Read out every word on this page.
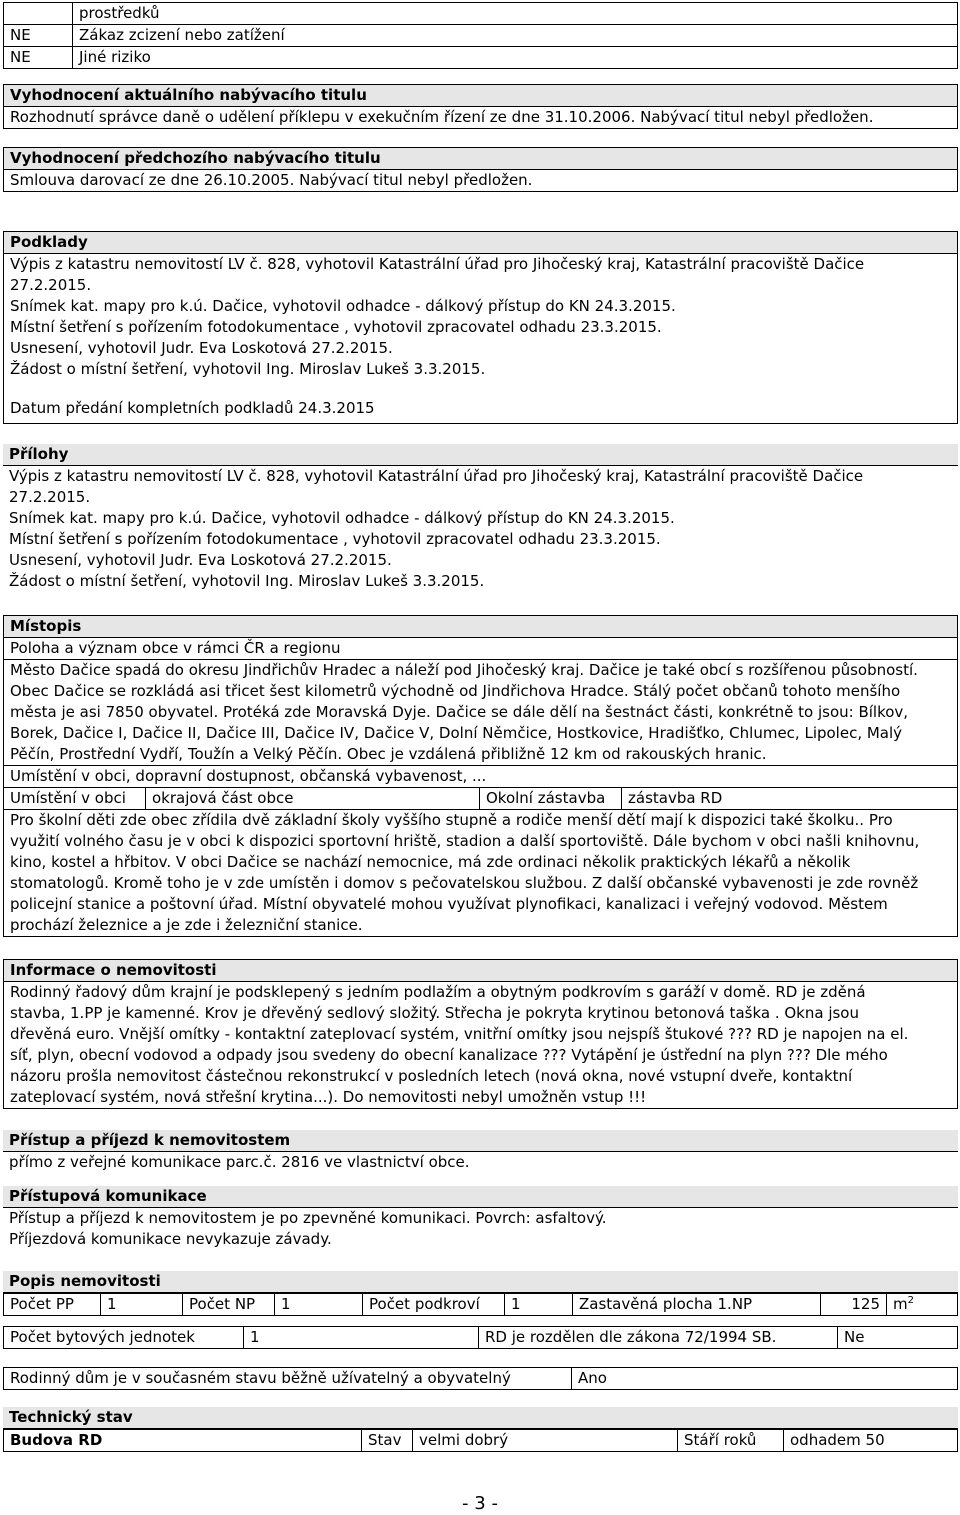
	prostředků
NE	Zákaz zcizení nebo zatížení
NE	Jiné riziko
Vyhodnocení aktuálního nabývacího titulu
Rozhodnutí správce daně o udělení příklepu v exekučním řízení ze dne 31.10.2006. Nabývací titul nebyl předložen.
Vyhodnocení předchozího nabývacího titulu
Smlouva darovací ze dne 26.10.2005. Nabývací titul nebyl předložen.
Podklady
Výpis z katastru nemovitostí LV č. 828, vyhotovil Katastrální úřad pro Jihočeský kraj, Katastrální pracoviště Dačice
27.2.2015.
Snímek kat. mapy pro k.ú. Dačice, vyhotovil odhadce - dálkový přístup do KN 24.3.2015.
Místní šetření s pořízením fotodokumentace , vyhotovil zpracovatel odhadu 23.3.2015.
Usnesení, vyhotovil Judr. Eva Loskotová 27.2.2015.
Žádost o místní šetření, vyhotovil Ing. Miroslav Lukeš 3.3.2015.
Datum předání kompletních podkladů 24.3.2015
Přílohy
Výpis z katastru nemovitostí LV č. 828, vyhotovil Katastrální úřad pro Jihočeský kraj, Katastrální pracoviště Dačice
27.2.2015.
Snímek kat. mapy pro k.ú. Dačice, vyhotovil odhadce - dálkový přístup do KN 24.3.2015.
Místní šetření s pořízením fotodokumentace , vyhotovil zpracovatel odhadu 23.3.2015.
Usnesení, vyhotovil Judr. Eva Loskotová 27.2.2015.
Žádost o místní šetření, vyhotovil Ing. Miroslav Lukeš 3.3.2015.
Místopis
Poloha a význam obce v rámci ČR a regionu
Město Dačice spadá do okresu Jindřichův Hradec a náleží pod Jihočeský kraj. Dačice je také obcí s rozšířenou působností.
Obec Dačice se rozkládá asi třicet šest kilometrů východně od Jindřichova Hradce. Stálý počet občanů tohoto menšího
města je asi 7850 obyvatel. Protéká zde Moravská Dyje. Dačice se dále dělí na šestnáct části, konkrétně to jsou: Bílkov,
Borek, Dačice I, Dačice II, Dačice III, Dačice IV, Dačice V, Dolní Němčice, Hostkovice, Hradišťko, Chlumec, Lipolec, Malý
Pěčín, Prostřední Vydří, Toužín a Velký Pěčín. Obec je vzdálená přibližně 12 km od rakouských hranic.
Umístění v obci, dopravní dostupnost, občanská vybavenost, ...
Umístění v obci	okrajová část obce	Okolní zástavba	zástavba RD
Pro školní děti zde obec zřídila dvě základní školy vyššího stupně a rodiče menší dětí mají k dispozici také školku.. Pro
využití volného času je v obci k dispozici sportovní hriště, stadion a další sportoviště. Dále bychom v obci našli knihovnu,
kino, kostel a hřbitov. V obci Dačice se nachází nemocnice, má zde ordinaci několik praktických lékařů a několik
stomatologů. Kromě toho je v zde umístěn i domov s pečovatelskou službou. Z další občanské vybavenosti je zde rovněž
policejní stanice a poštovní úřad. Místní obyvatelé mohou využívat plynofikaci, kanalizaci i veřejný vodovod. Městem
prochází železnice a je zde i železniční stanice.
Informace o nemovitosti
Rodinný řadový dům krajní je podsklepený s jedním podlažím a obytným podkrovím s garáží v domě. RD je zděná
stavba, 1.PP je kamenné. Krov je dřevěný sedlový složitý. Střecha je pokryta krytinou betonová taška . Okna jsou
dřevěná euro. Vnější omítky - kontaktní zateplovací systém, vnitřní omítky jsou nejspíš štukové ??? RD je napojen na el.
síť, plyn, obecní vodovod a odpady jsou svedeny do obecní kanalizace ??? Vytápění je ústřední na plyn ??? Dle mého
názoru prošla nemovitost částečnou rekonstrukcí v posledních letech (nová okna, nové vstupní dveře, kontaktní
zateplovací systém, nová střešní krytina...). Do nemovitosti nebyl umožněn vstup !!!
Přístup a příjezd k nemovitostem
přímo z veřejné komunikace parc.č. 2816 ve vlastnictví obce.
Přístupová komunikace
Přístup a příjezd k nemovitostem je po zpevněné komunikaci. Povrch: asfaltový.
Příjezdová komunikace nevykazuje závady.
Popis nemovitosti
Počet PP	1	Počet NP	1	Počet podkroví	1	Zastavěná plocha 1.NP	125	$m^2$
Počet bytových jednotek	1	RD je rozdělen dle zákona 72/1994 SB.	Ne
Rodinný dům je v současném stavu běžně užívatelný a obyvatelný	Ano
Technický stav
Budova RD	Stav	velmi dobrý	Stáří roků	odhadem 50
- 3 -
